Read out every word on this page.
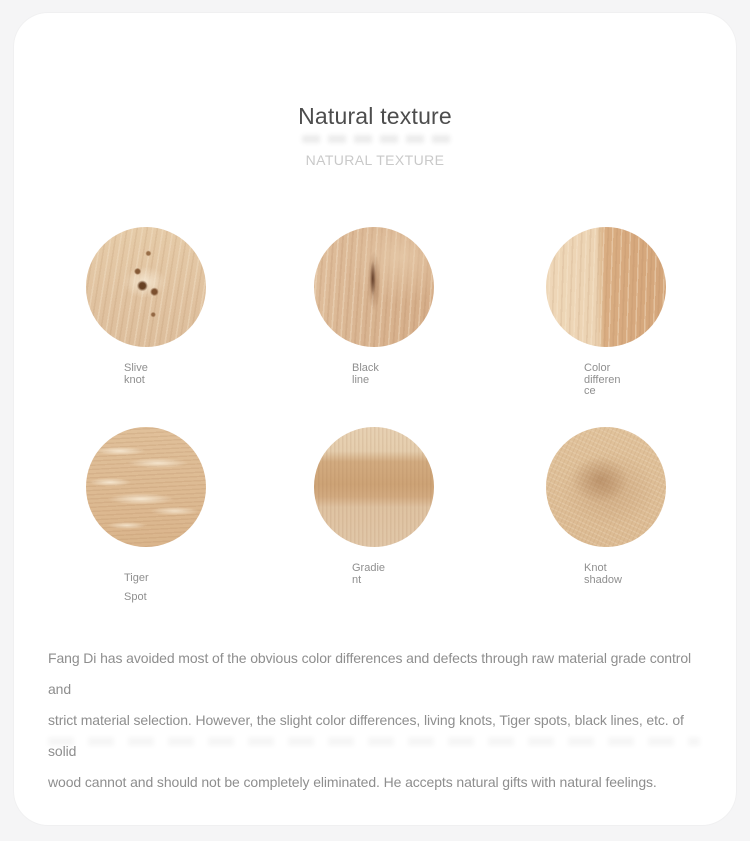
Natural texture
NATURAL TEXTURE
Slive
knot
Black
line
Color
differen
ce
Tiger
Spot
Gradie
nt
Knot
shadow

Fang Di has avoided most of the obvious color differences and defects through raw material grade control and
strict material selection. However, the slight color differences, living knots, Tiger spots, black lines, etc. of solid
wood cannot and should not be completely eliminated. He accepts natural gifts with natural feelings.
